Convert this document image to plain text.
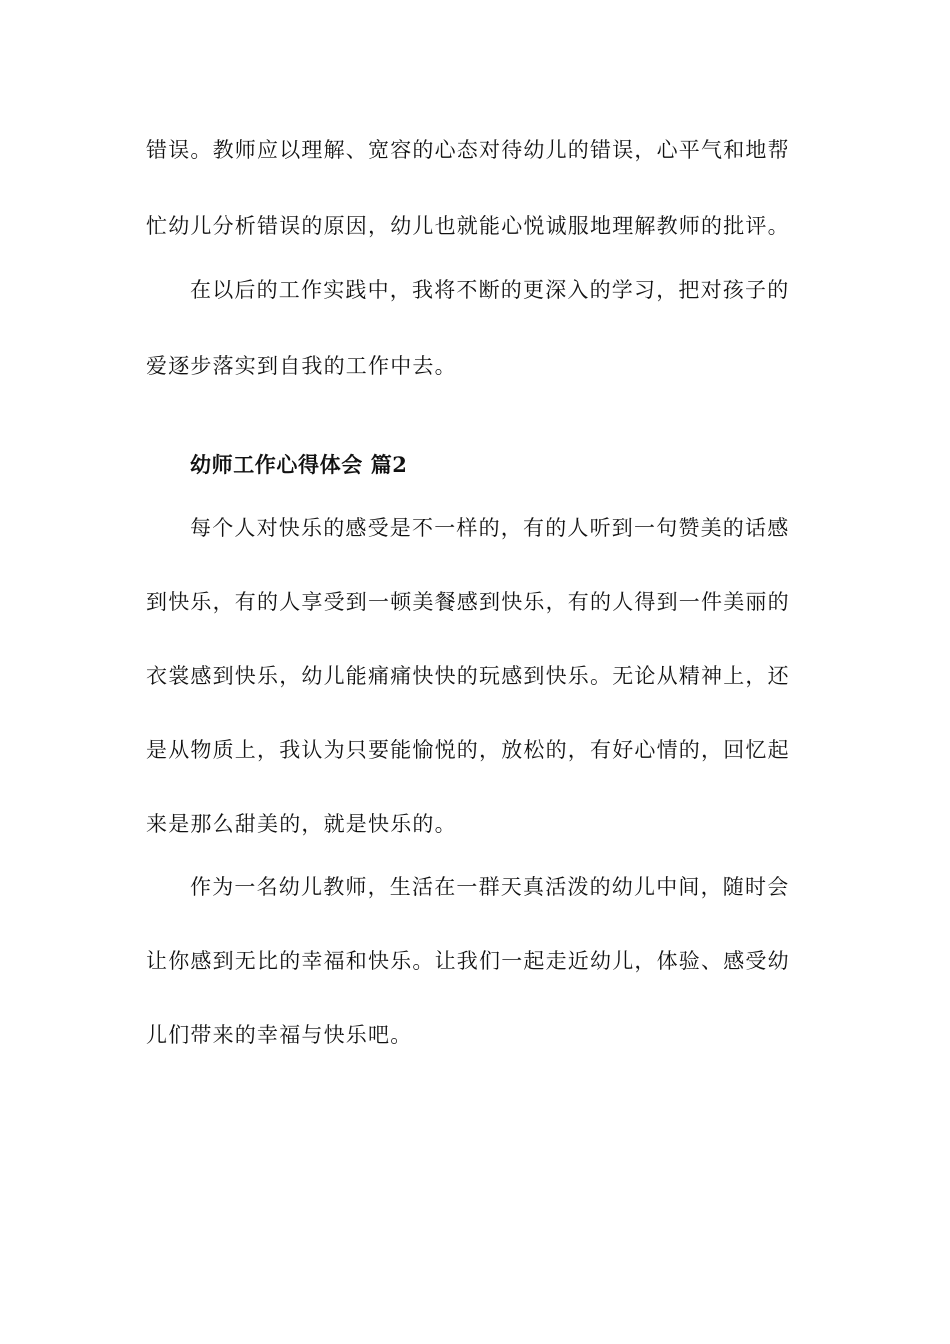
错误。教师应以理解、宽容的心态对待幼儿的错误，心平气和地帮
忙幼儿分析错误的原因，幼儿也就能心悦诚服地理解教师的批评。
在以后的工作实践中，我将不断的更深入的学习，把对孩子的
爱逐步落实到自我的工作中去。
幼师工作心得体会 篇2
每个人对快乐的感受是不一样的，有的人听到一句赞美的话感
到快乐，有的人享受到一顿美餐感到快乐，有的人得到一件美丽的
衣裳感到快乐，幼儿能痛痛快快的玩感到快乐。无论从精神上，还
是从物质上，我认为只要能愉悦的，放松的，有好心情的，回忆起
来是那么甜美的，就是快乐的。
作为一名幼儿教师，生活在一群天真活泼的幼儿中间，随时会
让你感到无比的幸福和快乐。让我们一起走近幼儿，体验、感受幼
儿们带来的幸福与快乐吧。
